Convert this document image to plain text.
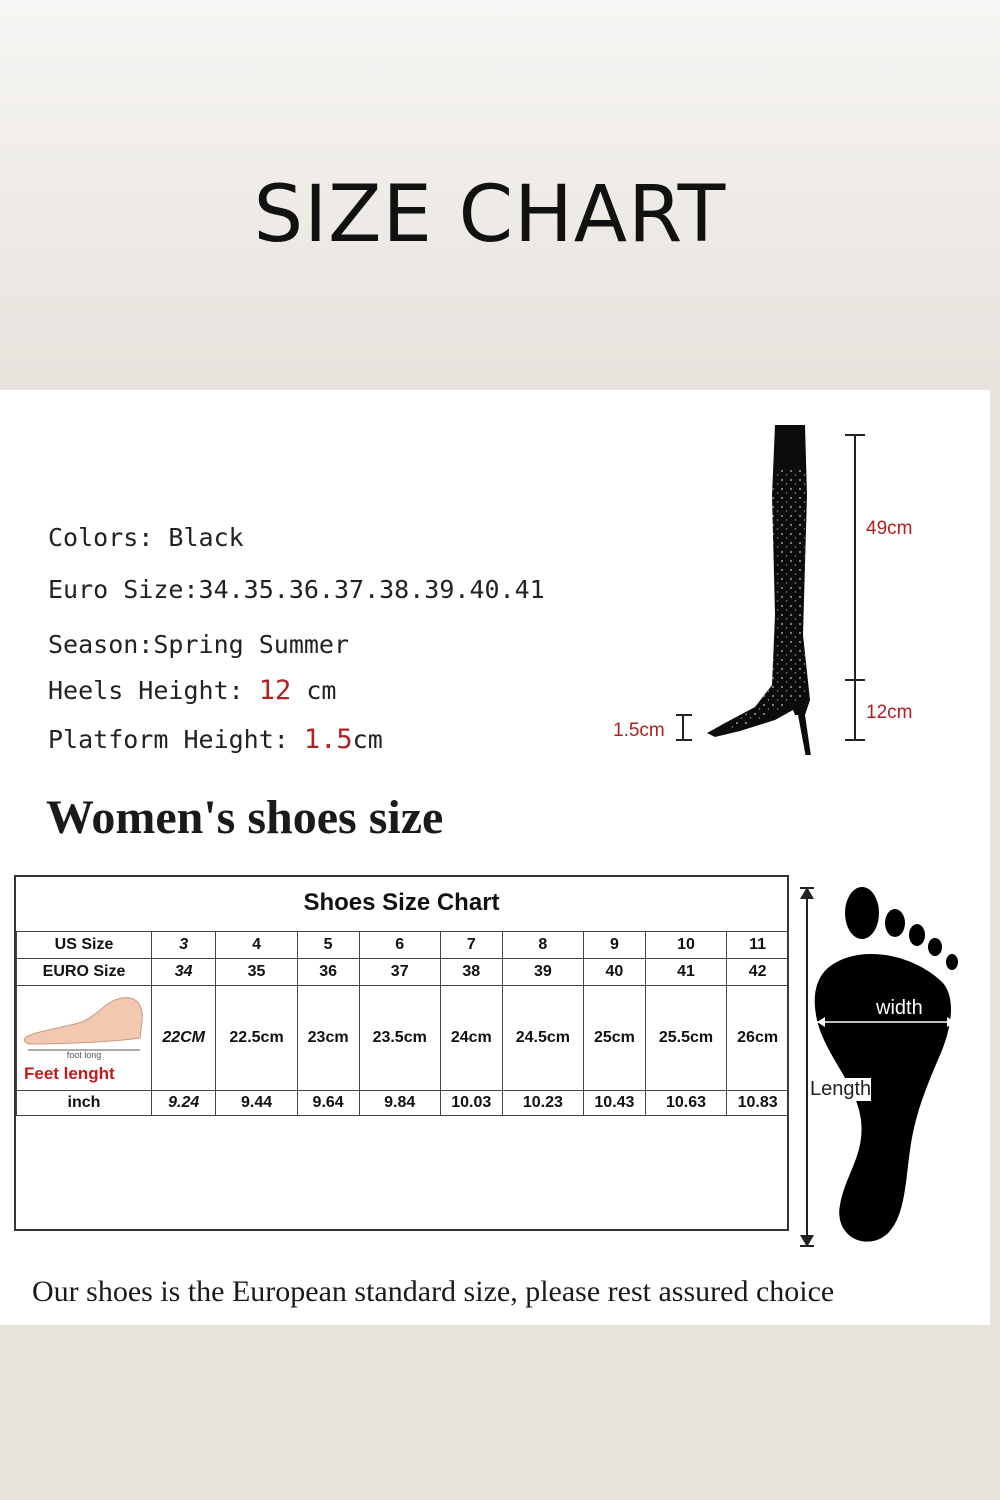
SIZE CHART
Colors: Black
Euro Size:34.35.36.37.38.39.40.41
Season:Spring Summer
Heels Height: 12 cm
Platform Height: 1.5cm
49cm
12cm
1.5cm
Women's shoes size
Shoes Size Chart
US Size	3	4	5	6	7	8	9	10	11
EURO Size	34	35	36	37	38	39	40	41	42

foot long
Feet lenght	22CM	22.5cm	23cm	23.5cm	24cm	24.5cm	25cm	25.5cm	26cm
inch	9.24	9.44	9.64	9.84	10.03	10.23	10.43	10.63	10.83
width
Length
Our shoes is the European standard size, please rest assured choice
